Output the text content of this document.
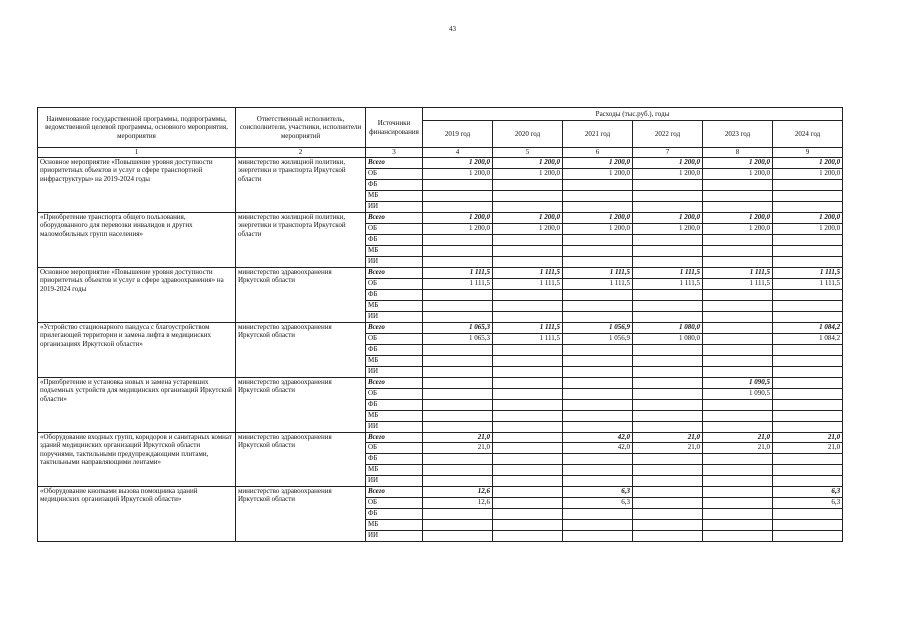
43
Наименование государственной программы, подпрограммы, ведомственной целевой программы, основного мероприятия, мероприятия	Ответственный исполнитель, соисполнители, участники, исполнители мероприятий	Источники финансирования	Расходы (тыс.руб.), годы					
			2019 год	2020 год	2021 год	2022 год	2023 год	2024 год
1	2	3	4	5	6	7	8	9
Основное мероприятие «Повышение уровня доступности приоритетных объектов и услуг в сфере транспортной инфраструктуры» на 2019-2024 годы	министерство жилищной политики, энергетики и транспорта Иркутской области	Всего	1 200,0	1 200,0	1 200,0	1 200,0	1 200,0	1 200,0
		ОБ	1 200,0	1 200,0	1 200,0	1 200,0	1 200,0	1 200,0
		ФБ						
		МБ						
		ИИ						
«Приобретение транспорта общего пользования, оборудованного для перевозки инвалидов и других маломобильных групп населения»	министерство жилищной политики, энергетики и транспорта Иркутской области	Всего	1 200,0	1 200,0	1 200,0	1 200,0	1 200,0	1 200,0
		ОБ	1 200,0	1 200,0	1 200,0	1 200,0	1 200,0	1 200,0
		ФБ						
		МБ						
		ИИ						
Основное мероприятие «Повышение уровня доступности приоритетных объектов и услуг в сфере здравоохранения» на 2019-2024 годы	министерство здравоохранения Иркутской области	Всего	1 111,5	1 111,5	1 111,5	1 111,5	1 111,5	1 111,5
		ОБ	1 111,5	1 111,5	1 111,5	1 111,5	1 111,5	1 111,5
		ФБ						
		МБ						
		ИИ						
«Устройство стационарного пандуса с благоустройством прилегающей территории и замена лифта в медицинских организациях Иркутской области»	министерство здравоохранения Иркутской области	Всего	1 065,3	1 111,5	1 056,9	1 080,0		1 084,2
		ОБ	1 065,3	1 111,5	1 056,9	1 080,0		1 084,2
		ФБ						
		МБ						
		ИИ						
«Приобретение и установка новых и замена устаревших подъемных устройств для медицинских организаций Иркутской области»	министерство здравоохранения Иркутской области	Всего					1 090,5	
		ОБ					1 090,5	
		ФБ						
		МБ						
		ИИ						
«Оборудование входных групп, коридоров и санитарных комнат зданий медицинских организаций Иркутской области поручнями, тактильными предупреждающими плитами, тактильными направляющими лентами»	министерство здравоохранения Иркутской области	Всего	21,0		42,0	21,0	21,0	21,0
		ОБ	21,0		42,0	21,0	21,0	21,0
		ФБ						
		МБ						
		ИИ						
«Оборудование кнопками вызова помощника зданий медицинских организаций Иркутской области»	министерство здравоохранения Иркутской области	Всего	12,6		6,3			6,3
		ОБ	12,6		6,3			6,3
		ФБ						
		МБ						
		ИИ						
